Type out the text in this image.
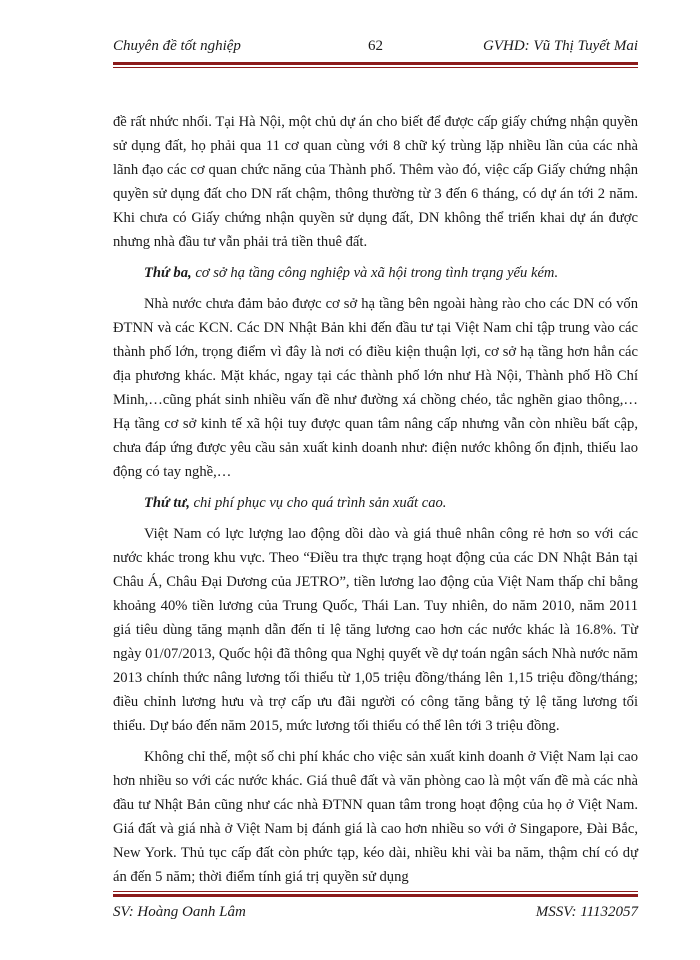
Chuyên đề tốt nghiệp	62	GVHD: Vũ Thị Tuyết Mai

đề rất nhức nhối. Tại Hà Nội, một chủ dự án cho biết để được cấp giấy chứng nhận quyền sử dụng đất, họ phải qua 11 cơ quan cùng với 8 chữ ký trùng lặp nhiều lần của các nhà lãnh đạo các cơ quan chức năng của Thành phố. Thêm vào đó, việc cấp Giấy chứng nhận quyền sử dụng đất cho DN rất chậm, thông thường từ 3 đến 6 tháng, có dự án tới 2 năm. Khi chưa có Giấy chứng nhận quyền sử dụng đất, DN không thể triển khai dự án được nhưng nhà đầu tư vẫn phải trả tiền thuê đất.

Thứ ba, cơ sở hạ tầng công nghiệp và xã hội trong tình trạng yếu kém.

Nhà nước chưa đảm bảo được cơ sở hạ tầng bên ngoài hàng rào cho các DN có vốn ĐTNN và các KCN. Các DN Nhật Bản khi đến đầu tư tại Việt Nam chỉ tập trung vào các thành phố lớn, trọng điểm vì đây là nơi có điều kiện thuận lợi, cơ sở hạ tầng hơn hẳn các địa phương khác. Mặt khác, ngay tại các thành phố lớn như Hà Nội, Thành phố Hồ Chí Minh,…cũng phát sinh nhiều vấn đề như đường xá chồng chéo, tắc nghẽn giao thông,… Hạ tầng cơ sở kinh tế xã hội tuy được quan tâm nâng cấp nhưng vẫn còn nhiều bất cập, chưa đáp ứng được yêu cầu sản xuất kinh doanh như: điện nước không ổn định, thiếu lao động có tay nghề,…

Thứ tư, chi phí phục vụ cho quá trình sản xuất cao.

Việt Nam có lực lượng lao động dồi dào và giá thuê nhân công rẻ hơn so với các nước khác trong khu vực. Theo “Điều tra thực trạng hoạt động của các DN Nhật Bản tại Châu Á, Châu Đại Dương của JETRO”, tiền lương lao động của Việt Nam thấp chỉ bằng khoảng 40% tiền lương của Trung Quốc, Thái Lan. Tuy nhiên, do năm 2010, năm 2011 giá tiêu dùng tăng mạnh dẫn đến tỉ lệ tăng lương cao hơn các nước khác là 16.8%. Từ ngày 01/07/2013, Quốc hội đã thông qua Nghị quyết về dự toán ngân sách Nhà nước năm 2013 chính thức nâng lương tối thiểu từ 1,05 triệu đồng/tháng lên 1,15 triệu đồng/tháng; điều chỉnh lương hưu và trợ cấp ưu đãi người có công tăng bằng tỷ lệ tăng lương tối thiểu. Dự báo đến năm 2015, mức lương tối thiểu có thể lên tới 3 triệu đồng.

Không chỉ thế, một số chi phí khác cho việc sản xuất kinh doanh ở Việt Nam lại cao hơn nhiều so với các nước khác. Giá thuê đất và văn phòng cao là một vấn đề mà các nhà đầu tư Nhật Bản cũng như các nhà ĐTNN quan tâm trong hoạt động của họ ở Việt Nam. Giá đất và giá nhà ở Việt Nam bị đánh giá là cao hơn nhiều so với ở Singapore, Đài Bắc, New York. Thủ tục cấp đất còn phức tạp, kéo dài, nhiều khi vài ba năm, thậm chí có dự án đến 5 năm; thời điểm tính giá trị quyền sử dụng

SV: Hoàng Oanh Lâm	MSSV: 11132057
